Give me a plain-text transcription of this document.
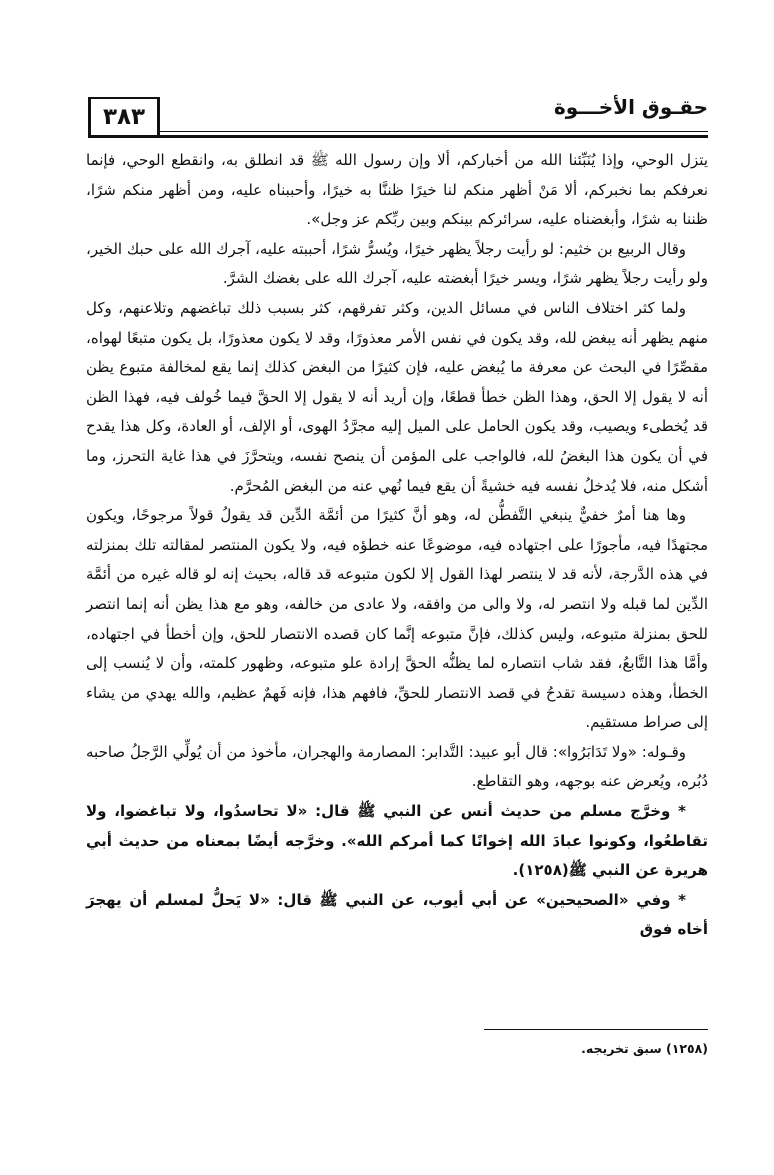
٣٨٣	حقـوق الأخـــوة

يتزل الوحي، وإذا يُنَبِّئنا الله من أخباركم، ألا وإن رسول الله ﷺ قد انطلق به، وانقطع الوحي، فإنما نعرفكم بما نخبركم، ألا مَنْ أظهر منكم لنا خيرًا ظننَّا به خيرًا، وأحببناه عليه، ومن أظهر منكم شرًا، ظننا به شرًا، وأبغضناه عليه، سرائركم بينكم وبين ربِّكم عز وجل».

وقال الربيع بن خثيم: لو رأيت رجلاً يظهر خيرًا، ويُسرُّ شرًا، أحببته عليه، آجرك الله على حبك الخير، ولو رأيت رجلاً يظهر شرًا، ويسر خيرًا أبغضته عليه، آجرك الله على بغضك الشرَّ.

ولما كثر اختلاف الناس في مسائل الدين، وكثر تفرقهم، كثر بسبب ذلك تباغضهم وتلاعنهم، وكل منهم يظهر أنه يبغض لله، وقد يكون في نفس الأمر معذورًا، وقد لا يكون معذورًا، بل يكون متبعًا لهواه، مقصِّرًا في البحث عن معرفة ما يُبغض عليه، فإن كثيرًا من البغض كذلك إنما يقع لمخالفة متبوع يظن أنه لا يقول إلا الحق، وهذا الظن خطأ قطعًا، وإن أريد أنه لا يقول إلا الحقَّ فيما خُولف فيه، فهذا الظن قد يُخطىء ويصيب، وقد يكون الحامل على الميل إليه مجرَّدُ الهوى، أو الإلف، أو العادة، وكل هذا يقدح في أن يكون هذا البغضُ لله، فالواجب على المؤمن أن ينصح نفسه، ويتحرَّزَ في هذا غاية التحرز، وما أشكل منه، فلا يُدخلُ نفسه فيه خشيةً أن يقع فيما نُهي عنه من البغض المُحرَّم.

وها هنا أمرٌ خفيٌّ ينبغي التَّفطُّن له، وهو أنَّ كثيرًا من أئمَّة الدِّين قد يقولُ قولاً مرجوحًا، ويكون مجتهدًا فيه، مأجورًا على اجتهاده فيه، موضوعًا عنه خطؤه فيه، ولا يكون المنتصر لمقالته تلك بمنزلته في هذه الدَّرجة، لأنه قد لا ينتصر لهذا القول إلا لكون متبوعه قد قاله، بحيث إنه لو قاله غيره من أئمَّة الدِّين لما قبله ولا انتصر له، ولا والى من وافقه، ولا عادى من خالفه، وهو مع هذا يظن أنه إنما انتصر للحق بمنزلة متبوعه، وليس كذلك، فإنَّ متبوعه إنَّما كان قصده الانتصار للحق، وإن أخطأ في اجتهاده، وأمَّا هذا التَّابعُ، فقد شاب انتصاره لما يظنُّه الحقَّ إرادة علو متبوعه، وظهور كلمته، وأن لا يُنسب إلى الخطأ، وهذه دسيسة تقدحُ في قصد الانتصار للحقِّ، فافهم هذا، فإنه فَهمٌ عظيم، والله يهدي من يشاء إلى صراط مستقيم.

وقـوله: «ولا تَدَابَرُوا»: قال أبو عبيد: التَّدابر: المصارمة والهجران، مأخوذ من أن يُولِّي الرَّجلُ صاحبه دُبُره، ويُعرض عنه بوجهه، وهو التقاطع.

* وخرَّج مسلم من حديث أنس عن النبي ﷺ قال: «لا تحاسدُوا، ولا تباغضوا، ولا تقاطعُوا، وكونوا عبادَ الله إخوانًا كما أمركم الله». وخرَّجه أيضًا بمعناه من حديث أبي هريرة عن النبي ﷺ(١٢٥٨).

* وفي «الصحيحين» عن أبي أيوب، عن النبي ﷺ قال: «لا يَحلُّ لمسلم أن يهجرَ أخاه فوق

(١٢٥٨) سبق تخريجه.
